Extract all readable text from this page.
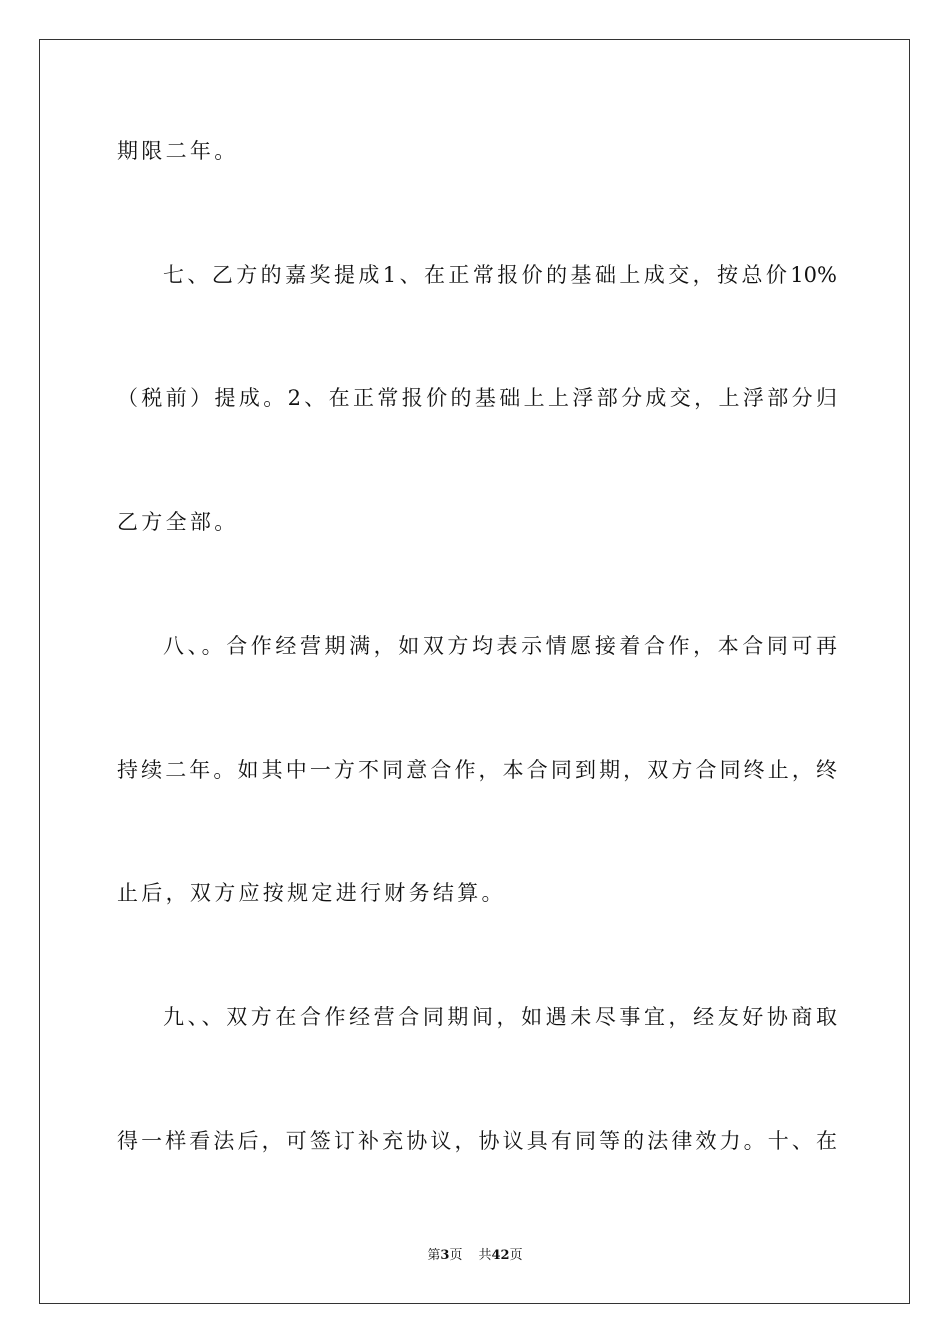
期限二年。
七、乙方的嘉奖提成1、在正常报价的基础上成交，按总价10%
（税前）提成。2、在正常报价的基础上上浮部分成交，上浮部分归
乙方全部。
八、。合作经营期满，如双方均表示情愿接着合作，本合同可再
持续二年。如其中一方不同意合作，本合同到期，双方合同终止，终
止后，双方应按规定进行财务结算。
九、、双方在合作经营合同期间，如遇未尽事宜，经友好协商取
得一样看法后，可签订补充协议，协议具有同等的法律效力。十、在
第3页 共42页
